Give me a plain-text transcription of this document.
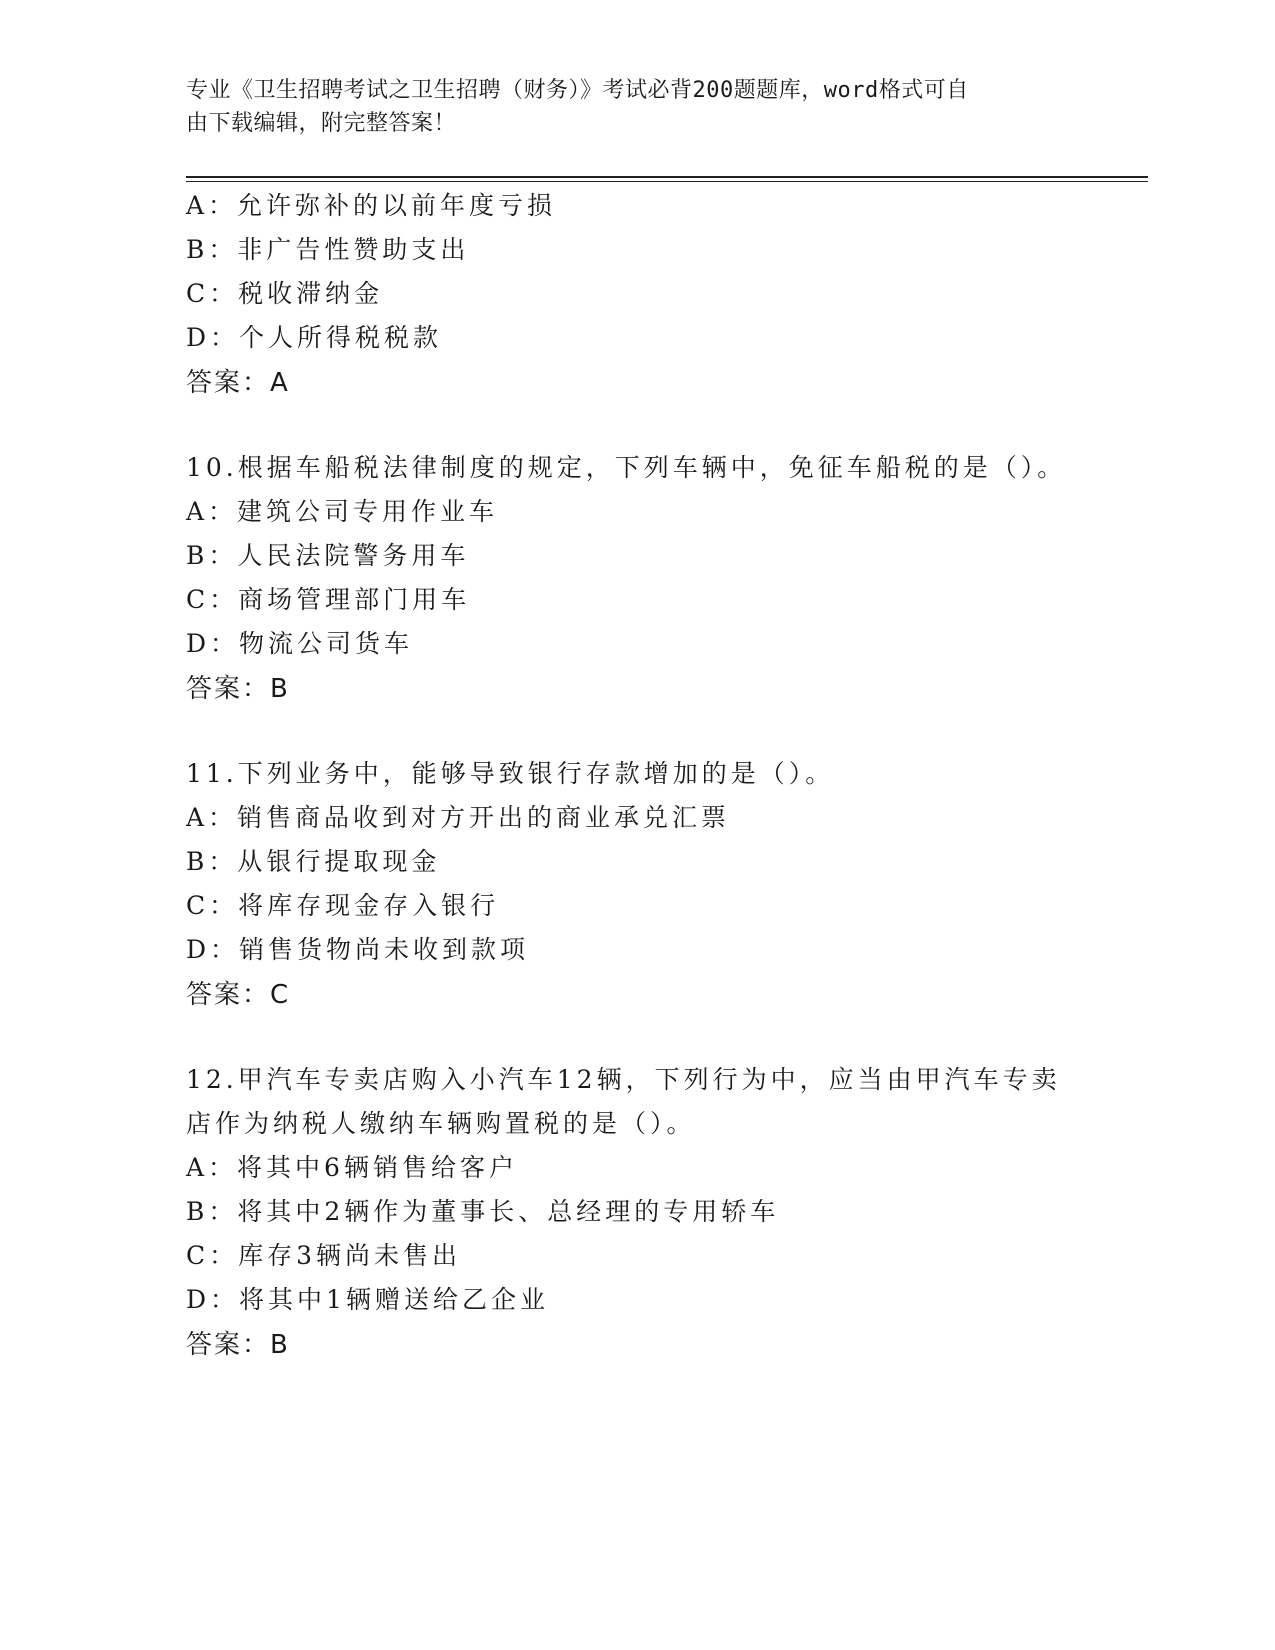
专业《卫生招聘考试之卫生招聘（财务）》考试必背200题题库，word格式可自
由下载编辑，附完整答案！
A：允许弥补的以前年度亏损
B：非广告性赞助支出
C：税收滞纳金
D：个人所得税税款
答案：A
10.根据车船税法律制度的规定，下列车辆中，免征车船税的是（）。
A：建筑公司专用作业车
B：人民法院警务用车
C：商场管理部门用车
D：物流公司货车
答案：B
11.下列业务中，能够导致银行存款增加的是（）。
A：销售商品收到对方开出的商业承兑汇票
B：从银行提取现金
C：将库存现金存入银行
D：销售货物尚未收到款项
答案：C
12.甲汽车专卖店购入小汽车12辆，下列行为中，应当由甲汽车专卖
店作为纳税人缴纳车辆购置税的是（）。
A：将其中6辆销售给客户
B：将其中2辆作为董事长、总经理的专用轿车
C：库存3辆尚未售出
D：将其中1辆赠送给乙企业
答案：B
